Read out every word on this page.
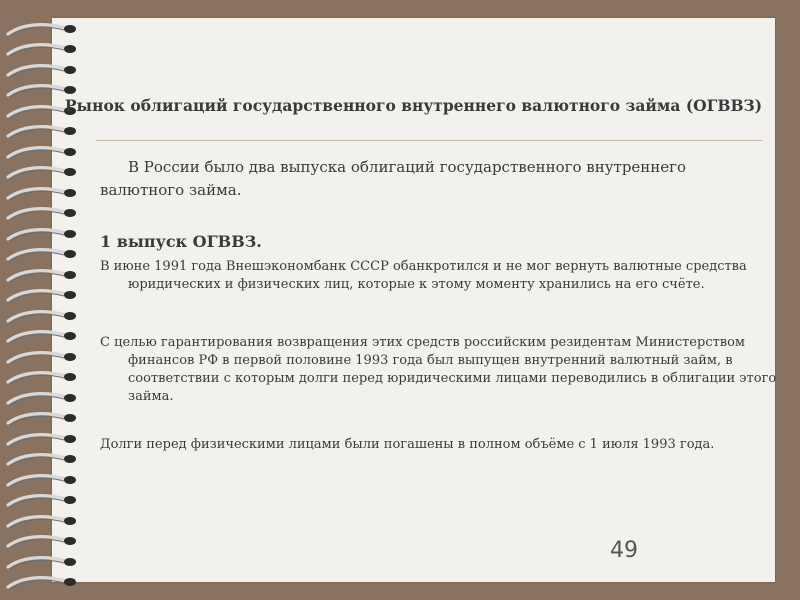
Рынок облигаций государственного внутреннего валютного займа (ОГВВЗ)
В России было два выпуска облигаций государственного внутреннего валютного займа.
1 выпуск ОГВВЗ.
В июне 1991 года Внешэкономбанк СССР обанкротился и не мог вернуть валютные средства юридических и физических лиц, которые к этому моменту хранились на его счёте.
С целью гарантирования возвращения этих средств российским резидентам Министерством финансов РФ в первой половине 1993 года был выпущен внутренний валютный займ, в соответствии с которым долги перед юридическими лицами переводились в облигации этого займа.
Долги перед физическими лицами были погашены в полном объёме с 1 июля 1993 года.
49
